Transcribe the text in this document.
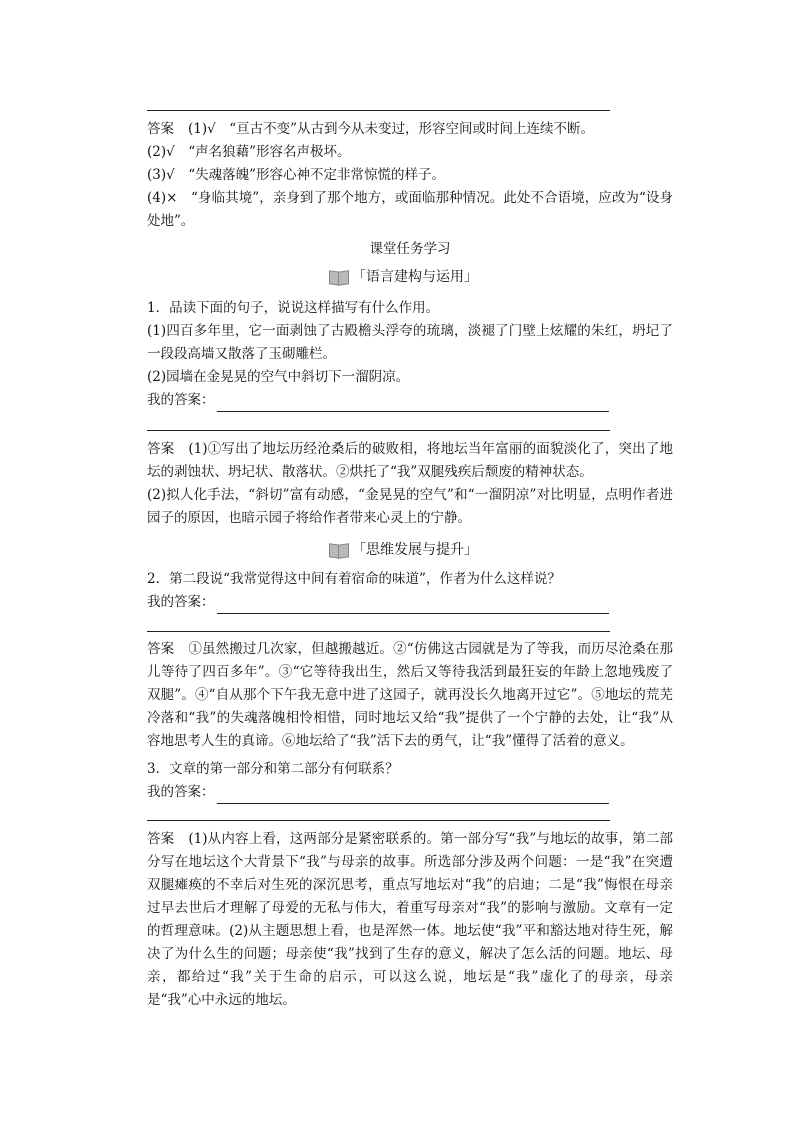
答案 (1)√　“亘古不变”从古到今从未变过，形容空间或时间上连续不断。

(2)√　“声名狼藉”形容名声极坏。

(3)√　“失魂落魄”形容心神不定非常惊慌的样子。

(4)×　“身临其境”，亲身到了那个地方，或面临那种情况。此处不合语境，应改为“设身处地”。

课堂任务学习
「语言建构与运用」

1．品读下面的句子，说说这样描写有什么作用。

(1)四百多年里，它一面剥蚀了古殿檐头浮夸的琉璃，淡褪了门壁上炫耀的朱红，坍圮了一段段高墙又散落了玉砌雕栏。

(2)园墙在金晃晃的空气中斜切下一溜阴凉。

我的答案：

答案 (1)①写出了地坛历经沧桑后的破败相，将地坛当年富丽的面貌淡化了，突出了地坛的剥蚀状、坍圮状、散落状。②烘托了“我”双腿残疾后颓废的精神状态。

(2)拟人化手法，“斜切”富有动感，“金晃晃的空气”和“一溜阴凉”对比明显，点明作者进园子的原因，也暗示园子将给作者带来心灵上的宁静。

「思维发展与提升」

2．第二段说“我常觉得这中间有着宿命的味道”，作者为什么这样说？

我的答案：

答案 ①虽然搬过几次家，但越搬越近。②“仿佛这古园就是为了等我，而历尽沧桑在那儿等待了四百多年”。③“它等待我出生，然后又等待我活到最狂妄的年龄上忽地残废了双腿”。④“自从那个下午我无意中进了这园子，就再没长久地离开过它”。⑤地坛的荒芜冷落和“我”的失魂落魄相怜相惜，同时地坛又给“我”提供了一个宁静的去处，让“我”从容地思考人生的真谛。⑥地坛给了“我”活下去的勇气，让“我”懂得了活着的意义。

3．文章的第一部分和第二部分有何联系？

我的答案：

答案 (1)从内容上看，这两部分是紧密联系的。第一部分写“我”与地坛的故事，第二部分写在地坛这个大背景下“我”与母亲的故事。所选部分涉及两个问题：一是“我”在突遭双腿瘫痪的不幸后对生死的深沉思考，重点写地坛对“我”的启迪；二是“我”悔恨在母亲过早去世后才理解了母爱的无私与伟大，着重写母亲对“我”的影响与激励。文章有一定的哲理意味。(2)从主题思想上看，也是浑然一体。地坛使“我”平和豁达地对待生死，解决了为什么生的问题；母亲使“我”找到了生存的意义，解决了怎么活的问题。地坛、母亲，都给过“我”关于生命的启示，可以这么说，地坛是“我”虚化了的母亲，母亲是“我”心中永远的地坛。
